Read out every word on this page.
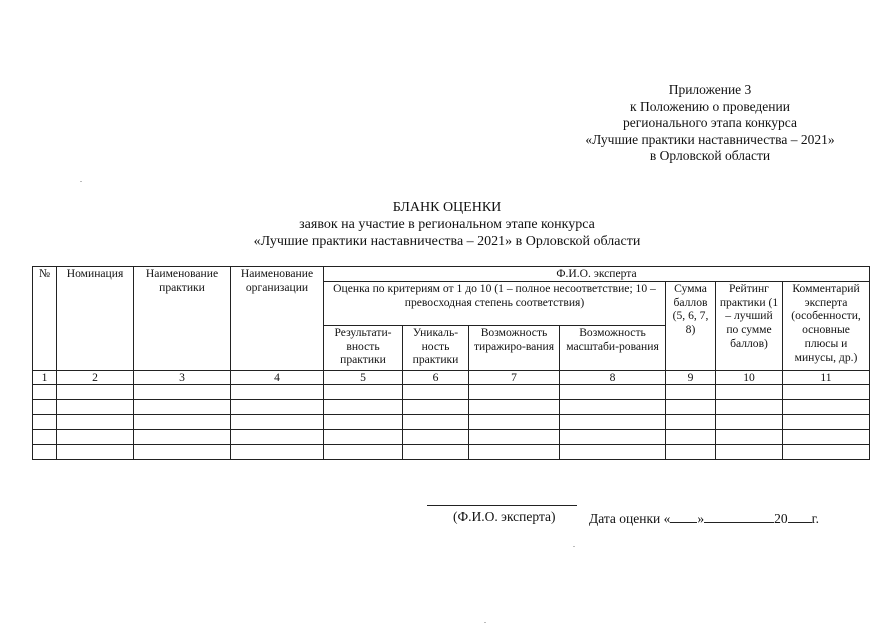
Приложение 3
к Положению о проведении
регионального этапа конкурса
«Лучшие практики наставничества – 2021»
в Орловской области
БЛАНК ОЦЕНКИ
заявок на участие в региональном этапе конкурса
«Лучшие практики наставничества – 2021» в Орловской области
№	Номинация	Наименование практики	Наименование организации	Ф.И.О. эксперта						
				Оценка по критериям от 1 до 10 (1 – полное несоответствие; 10 – превосходная степень соответствия)				Сумма баллов (5, 6, 7, 8)	Рейтинг практики (1 – лучший по сумме баллов)	Комментарий эксперта (особенности, основные плюсы и минусы, др.)
				Результати-вность практики	Уникаль-ность практики	Возможность тиражиро-вания	Возможность масштаби-рования			
1	2	3	4	5	6	7	8	9	10	11

(Ф.И.О. эксперта) Дата оценки « »	20 г.
